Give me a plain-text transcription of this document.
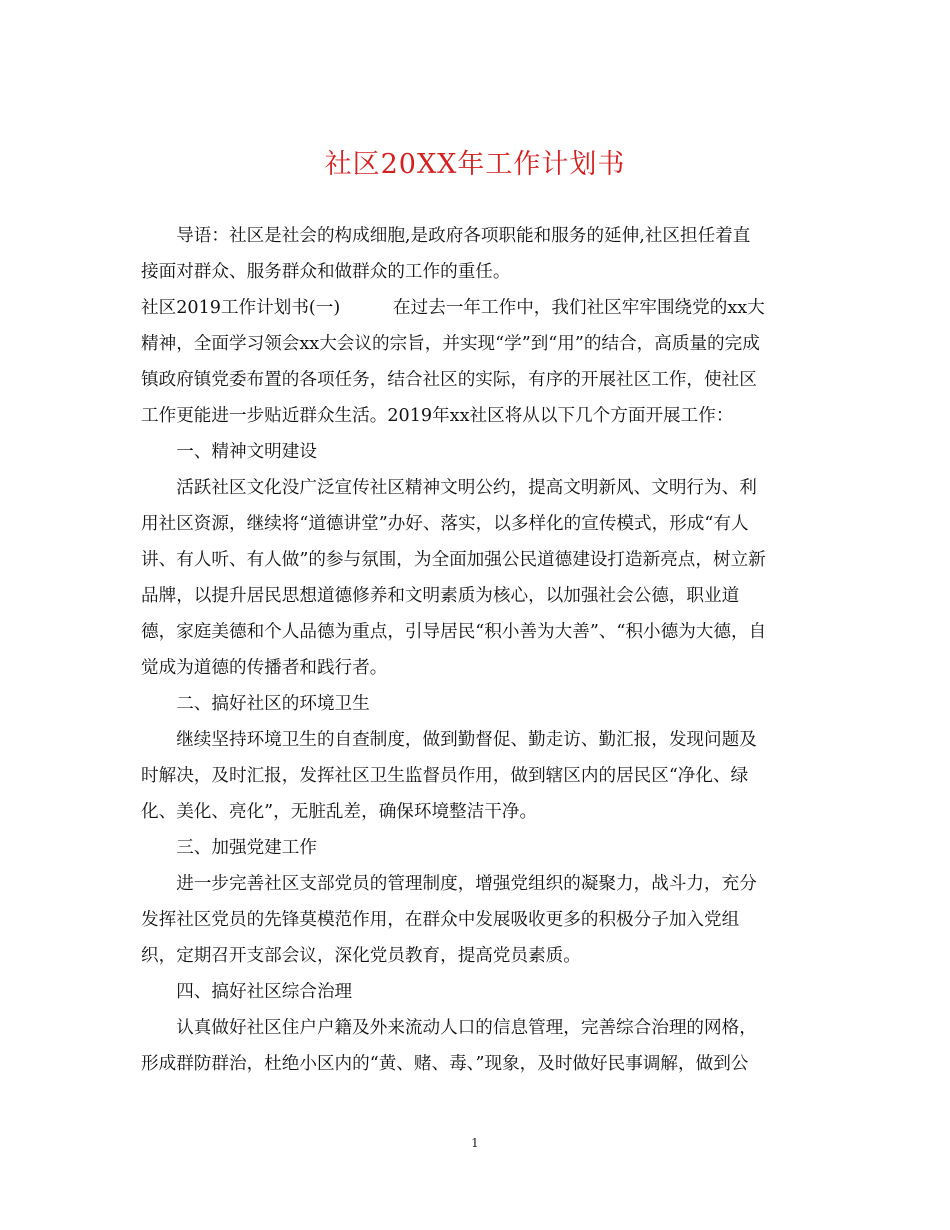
社区20XX年工作计划书
　　导语：社区是社会的构成细胞,是政府各项职能和服务的延伸,社区担任着直
接面对群众、服务群众和做群众的工作的重任。
社区2019工作计划书(一)　　　在过去一年工作中，我们社区牢牢围绕党的xx大
精神，全面学习领会xx大会议的宗旨，并实现“学”到“用”的结合，高质量的完成
镇政府镇党委布置的各项任务，结合社区的实际，有序的开展社区工作，使社区
工作更能进一步贴近群众生活。2019年xx社区将从以下几个方面开展工作：
　　一、精神文明建设
　　活跃社区文化没广泛宣传社区精神文明公约，提高文明新风、文明行为、利
用社区资源，继续将“道德讲堂”办好、落实，以多样化的宣传模式，形成“有人
讲、有人听、有人做”的参与氛围，为全面加强公民道德建设打造新亮点，树立新
品牌，以提升居民思想道德修养和文明素质为核心，以加强社会公德，职业道
德，家庭美德和个人品德为重点，引导居民“积小善为大善”、“积小德为大德，自
觉成为道德的传播者和践行者。
　　二、搞好社区的环境卫生
　　继续坚持环境卫生的自查制度，做到勤督促、勤走访、勤汇报，发现问题及
时解决，及时汇报，发挥社区卫生监督员作用，做到辖区内的居民区“净化、绿
化、美化、亮化”，无脏乱差，确保环境整洁干净。
　　三、加强党建工作
　　进一步完善社区支部党员的管理制度，增强党组织的凝聚力，战斗力，充分
发挥社区党员的先锋莫模范作用，在群众中发展吸收更多的积极分子加入党组
织，定期召开支部会议，深化党员教育，提高党员素质。
　　四、搞好社区综合治理
　　认真做好社区住户户籍及外来流动人口的信息管理，完善综合治理的网格，
形成群防群治，杜绝小区内的“黄、赌、毒、”现象，及时做好民事调解，做到公
1
